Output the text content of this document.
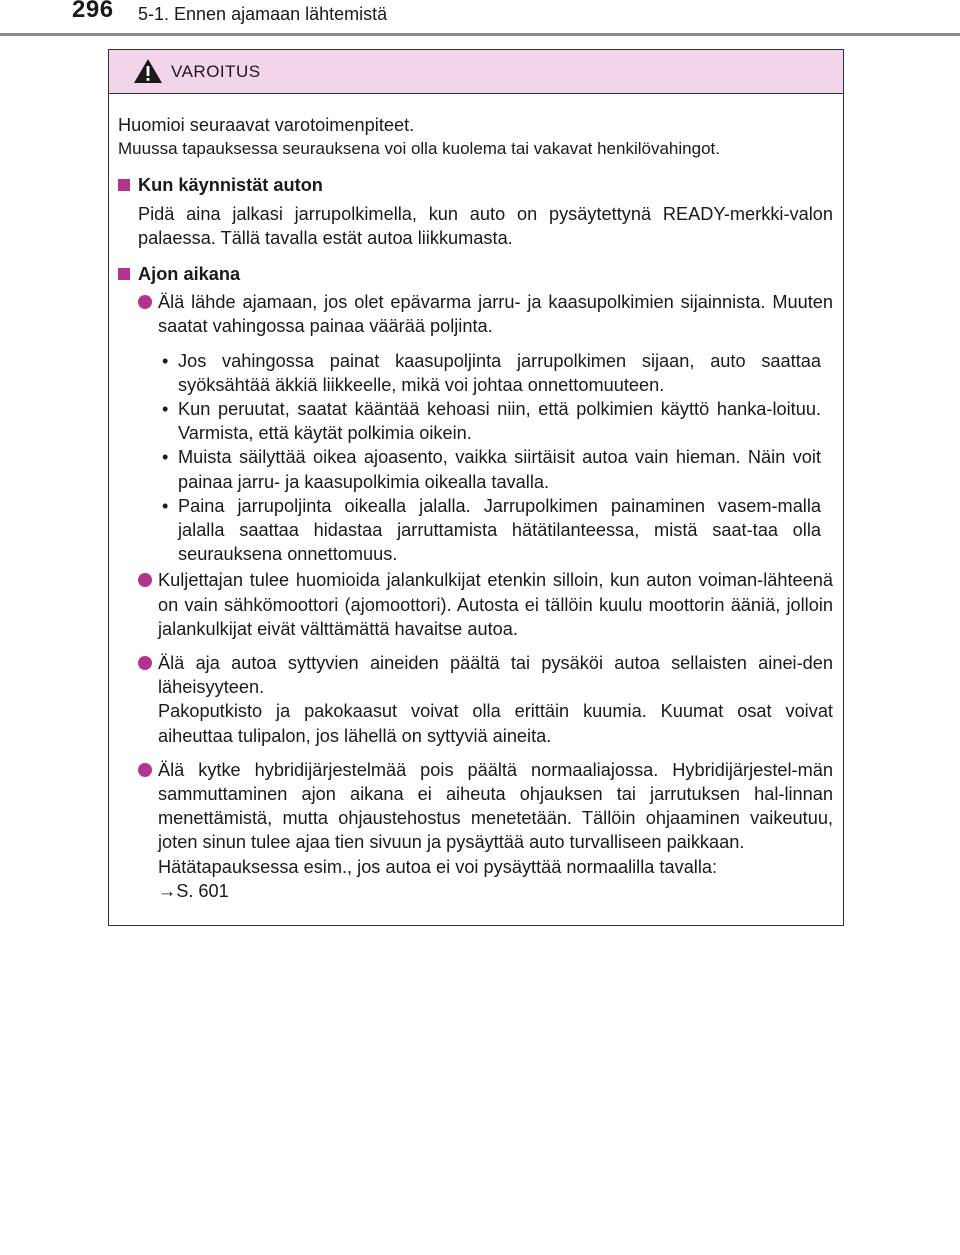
296 5-1. Ennen ajamaan lähtemistä
VAROITUS

Huomioi seuraavat varotoimenpiteet.

Muussa tapauksessa seurauksena voi olla kuolema tai vakavat henkilövahingot.

Kun käynnistät auton
Pidä aina jalkasi jarrupolkimella, kun auto on pysäytettynä READY-merkki-valon palaessa. Tällä tavalla estät autoa liikkumasta.
Ajon aikana
Älä lähde ajamaan, jos olet epävarma jarru- ja kaasupolkimien sijainnista. Muuten saatat vahingossa painaa väärää poljinta.
• Jos vahingossa painat kaasupoljinta jarrupolkimen sijaan, auto saattaa syöksähtää äkkiä liikkeelle, mikä voi johtaa onnettomuuteen.
• Kun peruutat, saatat kääntää kehoasi niin, että polkimien käyttö hanka-loituu. Varmista, että käytät polkimia oikein.
• Muista säilyttää oikea ajoasento, vaikka siirtäisit autoa vain hieman. Näin voit painaa jarru- ja kaasupolkimia oikealla tavalla.
• Paina jarrupoljinta oikealla jalalla. Jarrupolkimen painaminen vasem-malla jalalla saattaa hidastaa jarruttamista hätätilanteessa, mistä saat-taa olla seurauksena onnettomuus.
Kuljettajan tulee huomioida jalankulkijat etenkin silloin, kun auton voiman-lähteenä on vain sähkömoottori (ajomoottori). Autosta ei tällöin kuulu moottorin ääniä, jolloin jalankulkijat eivät välttämättä havaitse autoa.
Älä aja autoa syttyvien aineiden päältä tai pysäköi autoa sellaisten ainei-den läheisyyteen.
Pakoputkisto ja pakokaasut voivat olla erittäin kuumia. Kuumat osat voivat aiheuttaa tulipalon, jos lähellä on syttyviä aineita.
Älä kytke hybridijärjestelmää pois päältä normaaliajossa. Hybridijärjestel-män sammuttaminen ajon aikana ei aiheuta ohjauksen tai jarrutuksen hal-linnan menettämistä, mutta ohjaustehostus menetetään. Tällöin ohjaaminen vaikeutuu, joten sinun tulee ajaa tien sivuun ja pysäyttää auto turvalliseen paikkaan.
Hätätapauksessa esim., jos autoa ei voi pysäyttää normaalilla tavalla:
→S. 601
